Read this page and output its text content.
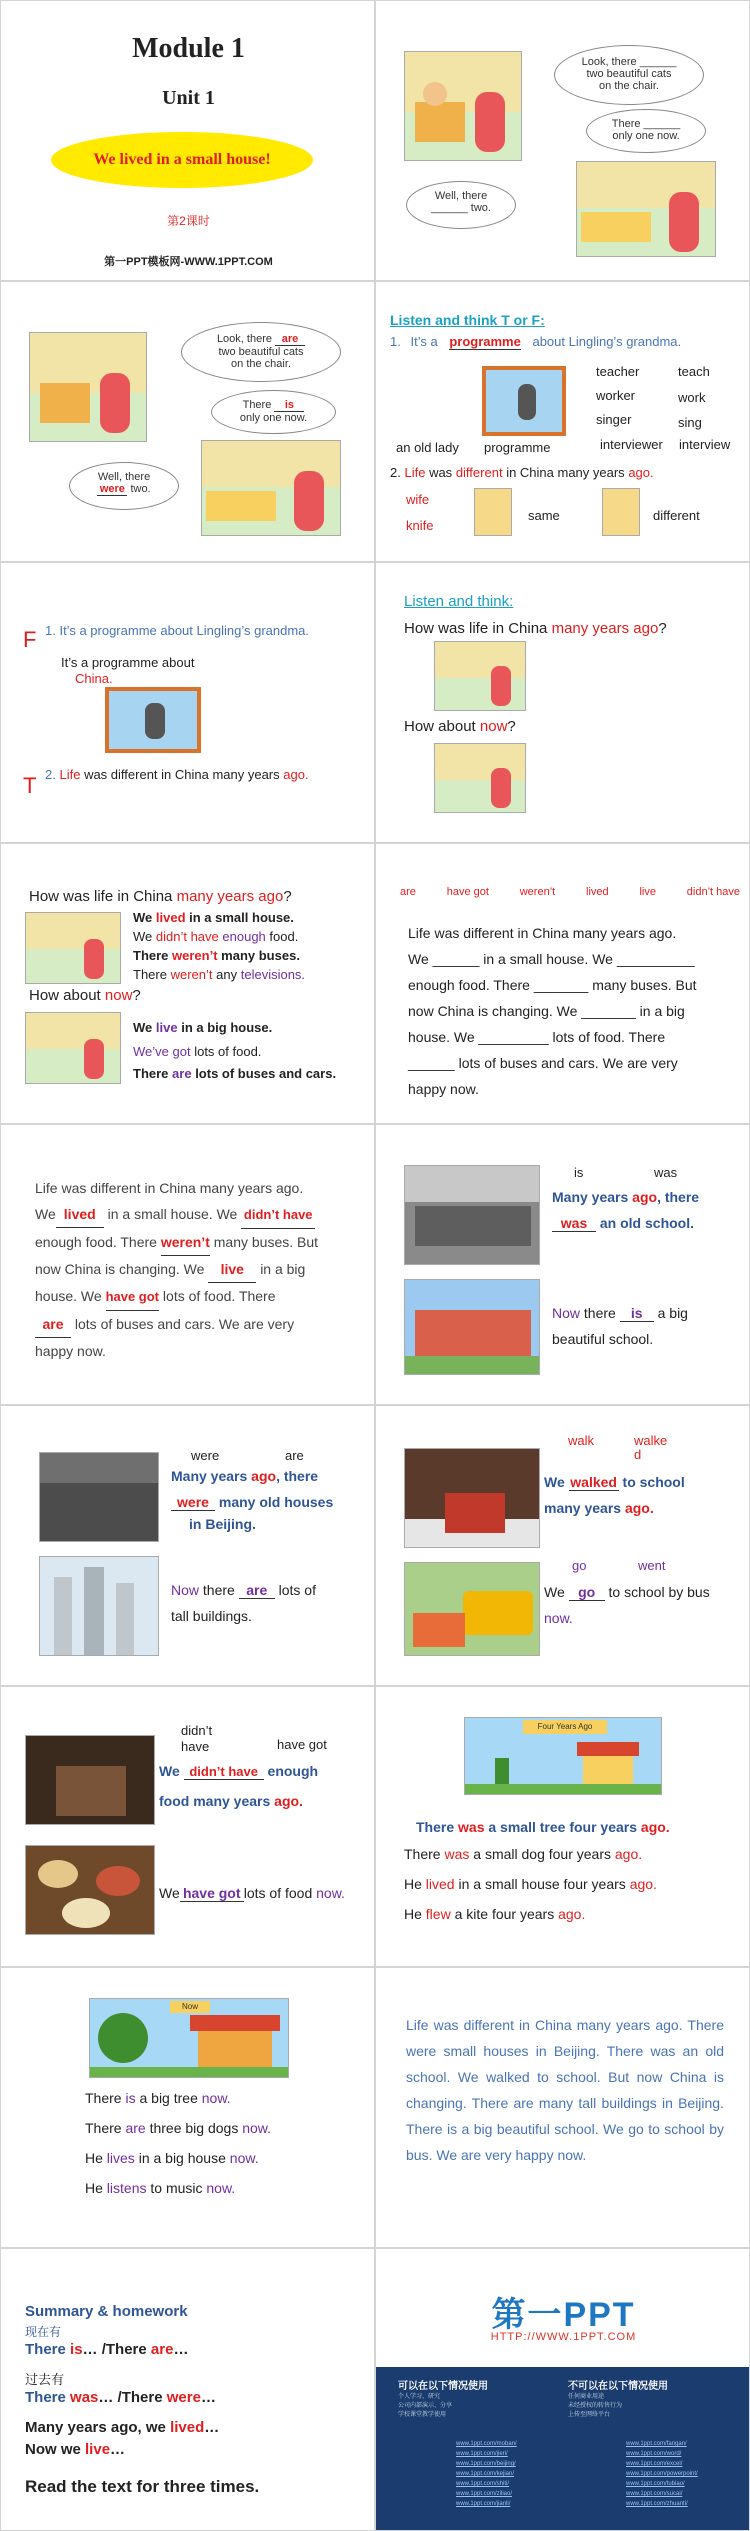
Module 1
Unit 1
We lived in a small house!
第2课时
第一PPT模板网-WWW.1PPT.COM
Look, there ______
two beautiful cats
on the chair.
There ______
only one now.
Well, there
______ two.
Look, there are
two beautiful cats
on the chair.
There is
only one now.
Well, there
were two.
Listen and think T or F:
1. It’s a programme about Lingling’s grandma.
teacher	teach
worker	work
singer	sing
interviewer interview
an old lady programme
2. Life was different in China many years ago.
wife
knife
same	different
F 1. It’s a programme about Lingling’s grandma.
It’s a programme about
China.
T 2. Life was different in China many years ago.
Listen and think:
How was life in China many years ago?
How about now?
How was life in China many years ago?
We lived in a small house.
We didn’t have enough food.
There weren’t many buses.
There weren’t any televisions.
How about now?
We live in a big house.
We’ve got lots of food.
There are lots of buses and cars.
are	have got	weren’t	lived	live	didn’t have
Life was different in China many years ago.
We ______ in a small house. We __________
enough food. There _______ many buses. But
now China is changing. We _______ in a big
house. We _________ lots of food. There
______ lots of buses and cars. We are very
happy now.
Life was different in China many years ago.
We lived in a small house. We didn’t have
enough food. There weren’t many buses. But
now China is changing. We live in a big
house. We have got lots of food. There
are lots of buses and cars. We are very
happy now.
is	was
Many years ago, there
was an old school.
Now there is a big
beautiful school.
were	are
Many years ago, there
were many old houses
in Beijing.
Now there are lots of
tall buildings.
walk	walked
We walked to school
many years ago.
go	went
We go to school by bus
now.
didn’t have	have got
We didn’t have enough
food many years ago.
We have got lots of food now.
Four Years Ago
There was a small tree four years ago.
There was a small dog four years ago.
He lived in a small house four years ago.
He flew a kite four years ago.
Now
There is a big tree now.
There are three big dogs now.
He lives in a big house now.
He listens to music now.
Life was different in China many years ago. There were small houses in Beijing. There was an old school. We walked to school. But now China is changing. There are many tall buildings in Beijing. There is a big beautiful school. We go to school by bus. We are very happy now.
Summary & homework
现在有
There is… /There are…
过去有
There was… /There were…
Many years ago, we lived…
Now we live…
Read the text for three times.
第一PPT
HTTP://WWW.1PPT.COM
可以在以下情况使用	不可以在以下情况使用
个人学习、研究
公司内部演示、分享
学校课堂教学使用
任何商业用途
未经授权的转售行为
上传至网络平台
www.1ppt.com/moban/
www.1ppt.com/jieri/
www.1ppt.com/beijing/
www.1ppt.com/kejian/
www.1ppt.com/shiti/
www.1ppt.com/ziliao/
www.1ppt.com/jianli/
www.1ppt.com/fangan/
www.1ppt.com/word/
www.1ppt.com/excel/
www.1ppt.com/powerpoint/
www.1ppt.com/tubiao/
www.1ppt.com/sucai/
www.1ppt.com/zhuanti/
